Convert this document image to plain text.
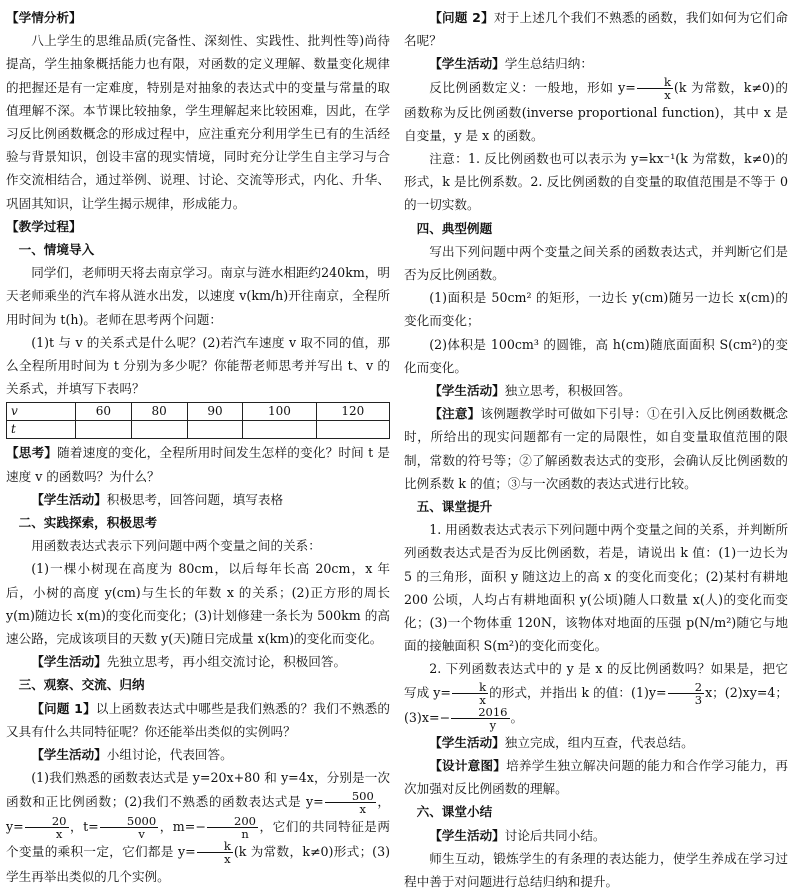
【学情分析】

八上学生的思维品质(完备性、深刻性、实践性、批判性等)尚待提高，学生抽象概括能力也有限，对函数的定义理解、数量变化规律的把握还是有一定难度，特别是对抽象的表达式中的变量与常量的取值理解不深。本节课比较抽象，学生理解起来比较困难，因此，在学习反比例函数概念的形成过程中，应注重充分利用学生已有的生活经验与背景知识，创设丰富的现实情境，同时充分让学生自主学习与合作交流相结合，通过举例、说理、讨论、交流等形式，内化、升华、巩固其知识，让学生揭示规律，形成能力。

【教学过程】

一、情境导入

同学们，老师明天将去南京学习。南京与涟水相距约240km，明天老师乘坐的汽车将从涟水出发，以速度 v(km/h)开往南京，全程所用时间为 t(h)。老师在思考两个问题：

(1)t 与 v 的关系式是什么呢？(2)若汽车速度 v 取不同的值，那么全程所用时间为 t 分别为多少呢？你能帮老师思考并写出 t、v 的关系式，并填写下表吗？

v	60	80	90	100	120
t					

【思考】随着速度的变化，全程所用时间发生怎样的变化？时间 t 是速度 v 的函数吗？为什么？

【学生活动】积极思考，回答问题，填写表格

二、实践探索，积极思考

用函数表达式表示下列问题中两个变量之间的关系：

(1)一棵小树现在高度为 80cm，以后每年长高 20cm，x 年后，小树的高度 y(cm)与生长的年数 x 的关系；(2)正方形的周长 y(m)随边长 x(m)的变化而变化；(3)计划修建一条长为 500km 的高速公路，完成该项目的天数 y(天)随日完成量 x(km)的变化而变化。

【学生活动】先独立思考，再小组交流讨论，积极回答。

三、观察、交流、归纳

【问题 1】以上函数表达式中哪些是我们熟悉的？我们不熟悉的又具有什么共同特征呢？你还能举出类似的实例吗？

【学生活动】小组讨论，代表回答。

(1)我们熟悉的函数表达式是 y=20x+80 和 y=4x，分别是一次函数和正比例函数；(2)我们不熟悉的函数表达式是 $y= \frac{500}{x}$ ，$y= \frac{20}{x}$ ，$t= \frac{5000}{v}$ ，$m=- \frac{200}{n}$ ，它们的共同特征是两个变量的乘积一定，它们都是 $y= \frac{k}{x} (k$ 为常数，k≠0)形式；(3)学生再举出类似的几个实例。

【问题 2】对于上述几个我们不熟悉的函数，我们如何为它们命名呢？

【学生活动】学生总结归纳：

反比例函数定义：一般地，形如 $y= \frac{k}{x} (k$ 为常数，k≠0)的函数称为反比例函数(inverse proportional function)，其中 x 是自变量，y 是 x 的函数。

注意：1. 反比例函数也可以表示为 y=kx⁻¹(k 为常数，k≠0)的形式，k 是比例系数。2. 反比例函数的自变量的取值范围是不等于 0 的一切实数。

四、典型例题

写出下列问题中两个变量之间关系的函数表达式，并判断它们是否为反比例函数。

(1)面积是 50cm² 的矩形，一边长 y(cm)随另一边长 x(cm)的变化而变化；

(2)体积是 100cm³ 的圆锥，高 h(cm)随底面面积 S(cm²)的变化而变化。

【学生活动】独立思考，积极回答。

【注意】该例题教学时可做如下引导：①在引入反比例函数概念时，所给出的现实问题都有一定的局限性，如自变量取值范围的限制，常数的符号等；②了解函数表达式的变形，会确认反比例函数的比例系数 k 的值；③与一次函数的表达式进行比较。

五、课堂提升

1. 用函数表达式表示下列问题中两个变量之间的关系，并判断所列函数表达式是否为反比例函数，若是，请说出 k 值：(1)一边长为 5 的三角形，面积 y 随这边上的高 x 的变化而变化；(2)某村有耕地 200 公顷，人均占有耕地面积 y(公顷)随人口数量 x(人)的变化而变化；(3)一个物体重 120N，该物体对地面的压强 p(N/m²)随它与地面的接触面积 S(m²)的变化而变化。

2. 下列函数表达式中的 y 是 x 的反比例函数吗？如果是，把它写成 $y= \frac{k}{x}$ 的形式，并指出 k 的值：$(1)y= \frac{2}{3}$ x；(2)xy=4；$(3)x=- \frac{2016}{y}$ 。

【学生活动】独立完成，组内互查，代表总结。

【设计意图】培养学生独立解决问题的能力和合作学习能力，再次加强对反比例函数的理解。

六、课堂小结

【学生活动】讨论后共同小结。

师生互动，锻炼学生的有条理的表达能力，使学生养成在学习过程中善于对问题进行总结归纳和提升。
